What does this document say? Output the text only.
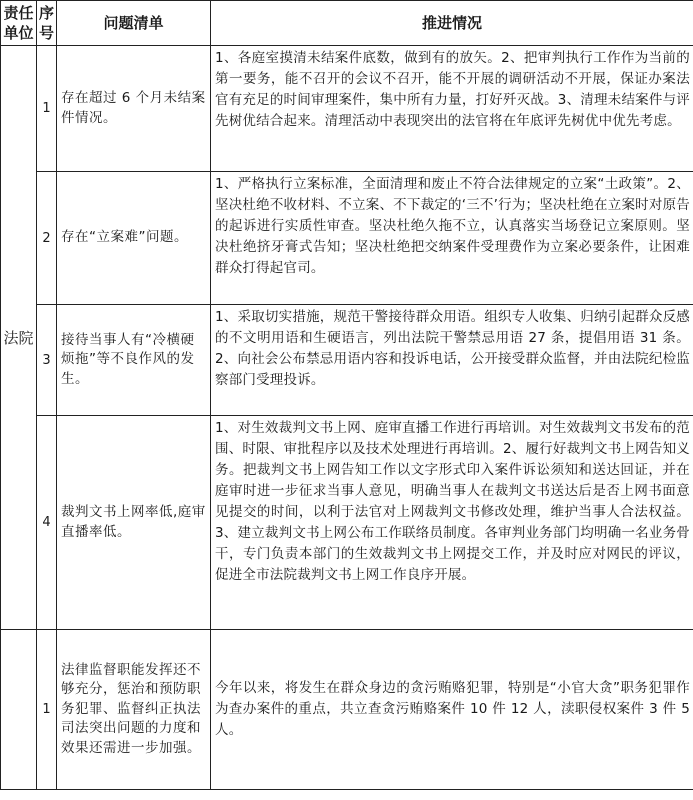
责任单位	序号	问题清单	推进情况
法院	1	存在超过 6 个月未结案件情况。	1、各庭室摸清未结案件底数，做到有的放矢。2、把审判执行工作作为当前的第一要务，能不召开的会议不召开，能不开展的调研活动不开展，保证办案法官有充足的时间审理案件，集中所有力量，打好歼灭战。3、清理未结案件与评先树优结合起来。清理活动中表现突出的法官将在年底评先树优中优先考虑。
	2	存在“立案难”问题。	1、严格执行立案标准，全面清理和废止不符合法律规定的立案“土政策”。2、坚决杜绝不收材料、不立案、不下裁定的‘三不’行为；坚决杜绝在立案时对原告的起诉进行实质性审查。坚决杜绝久拖不立，认真落实当场登记立案原则。坚决杜绝挤牙膏式告知；坚决杜绝把交纳案件受理费作为立案必要条件，让困难群众打得起官司。
	3	接待当事人有“冷横硬烦拖”等不良作风的发生。	1、采取切实措施，规范干警接待群众用语。组织专人收集、归纳引起群众反感的不文明用语和生硬语言，列出法院干警禁忌用语 27 条，提倡用语 31 条。2、向社会公布禁忌用语内容和投诉电话，公开接受群众监督，并由法院纪检监察部门受理投诉。
	4	裁判文书上网率低,庭审直播率低。	1、对生效裁判文书上网、庭审直播工作进行再培训。对生效裁判文书发布的范围、时限、审批程序以及技术处理进行再培训。2、履行好裁判文书上网告知义务。把裁判文书上网告知工作以文字形式印入案件诉讼须知和送达回证，并在庭审时进一步征求当事人意见，明确当事人在裁判文书送达后是否上网书面意见提交的时间，以利于法官对上网裁判文书修改处理，维护当事人合法权益。3、建立裁判文书上网公布工作联络员制度。各审判业务部门均明确一名业务骨干，专门负责本部门的生效裁判文书上网提交工作，并及时应对网民的评议，促进全市法院裁判文书上网工作良序开展。
	1	法律监督职能发挥还不够充分，惩治和预防职务犯罪、监督纠正执法司法突出问题的力度和效果还需进一步加强。	今年以来，将发生在群众身边的贪污贿赂犯罪，特别是“小官大贪”职务犯罪作为查办案件的重点，共立查贪污贿赂案件 10 件 12 人，渎职侵权案件 3 件 5 人。
